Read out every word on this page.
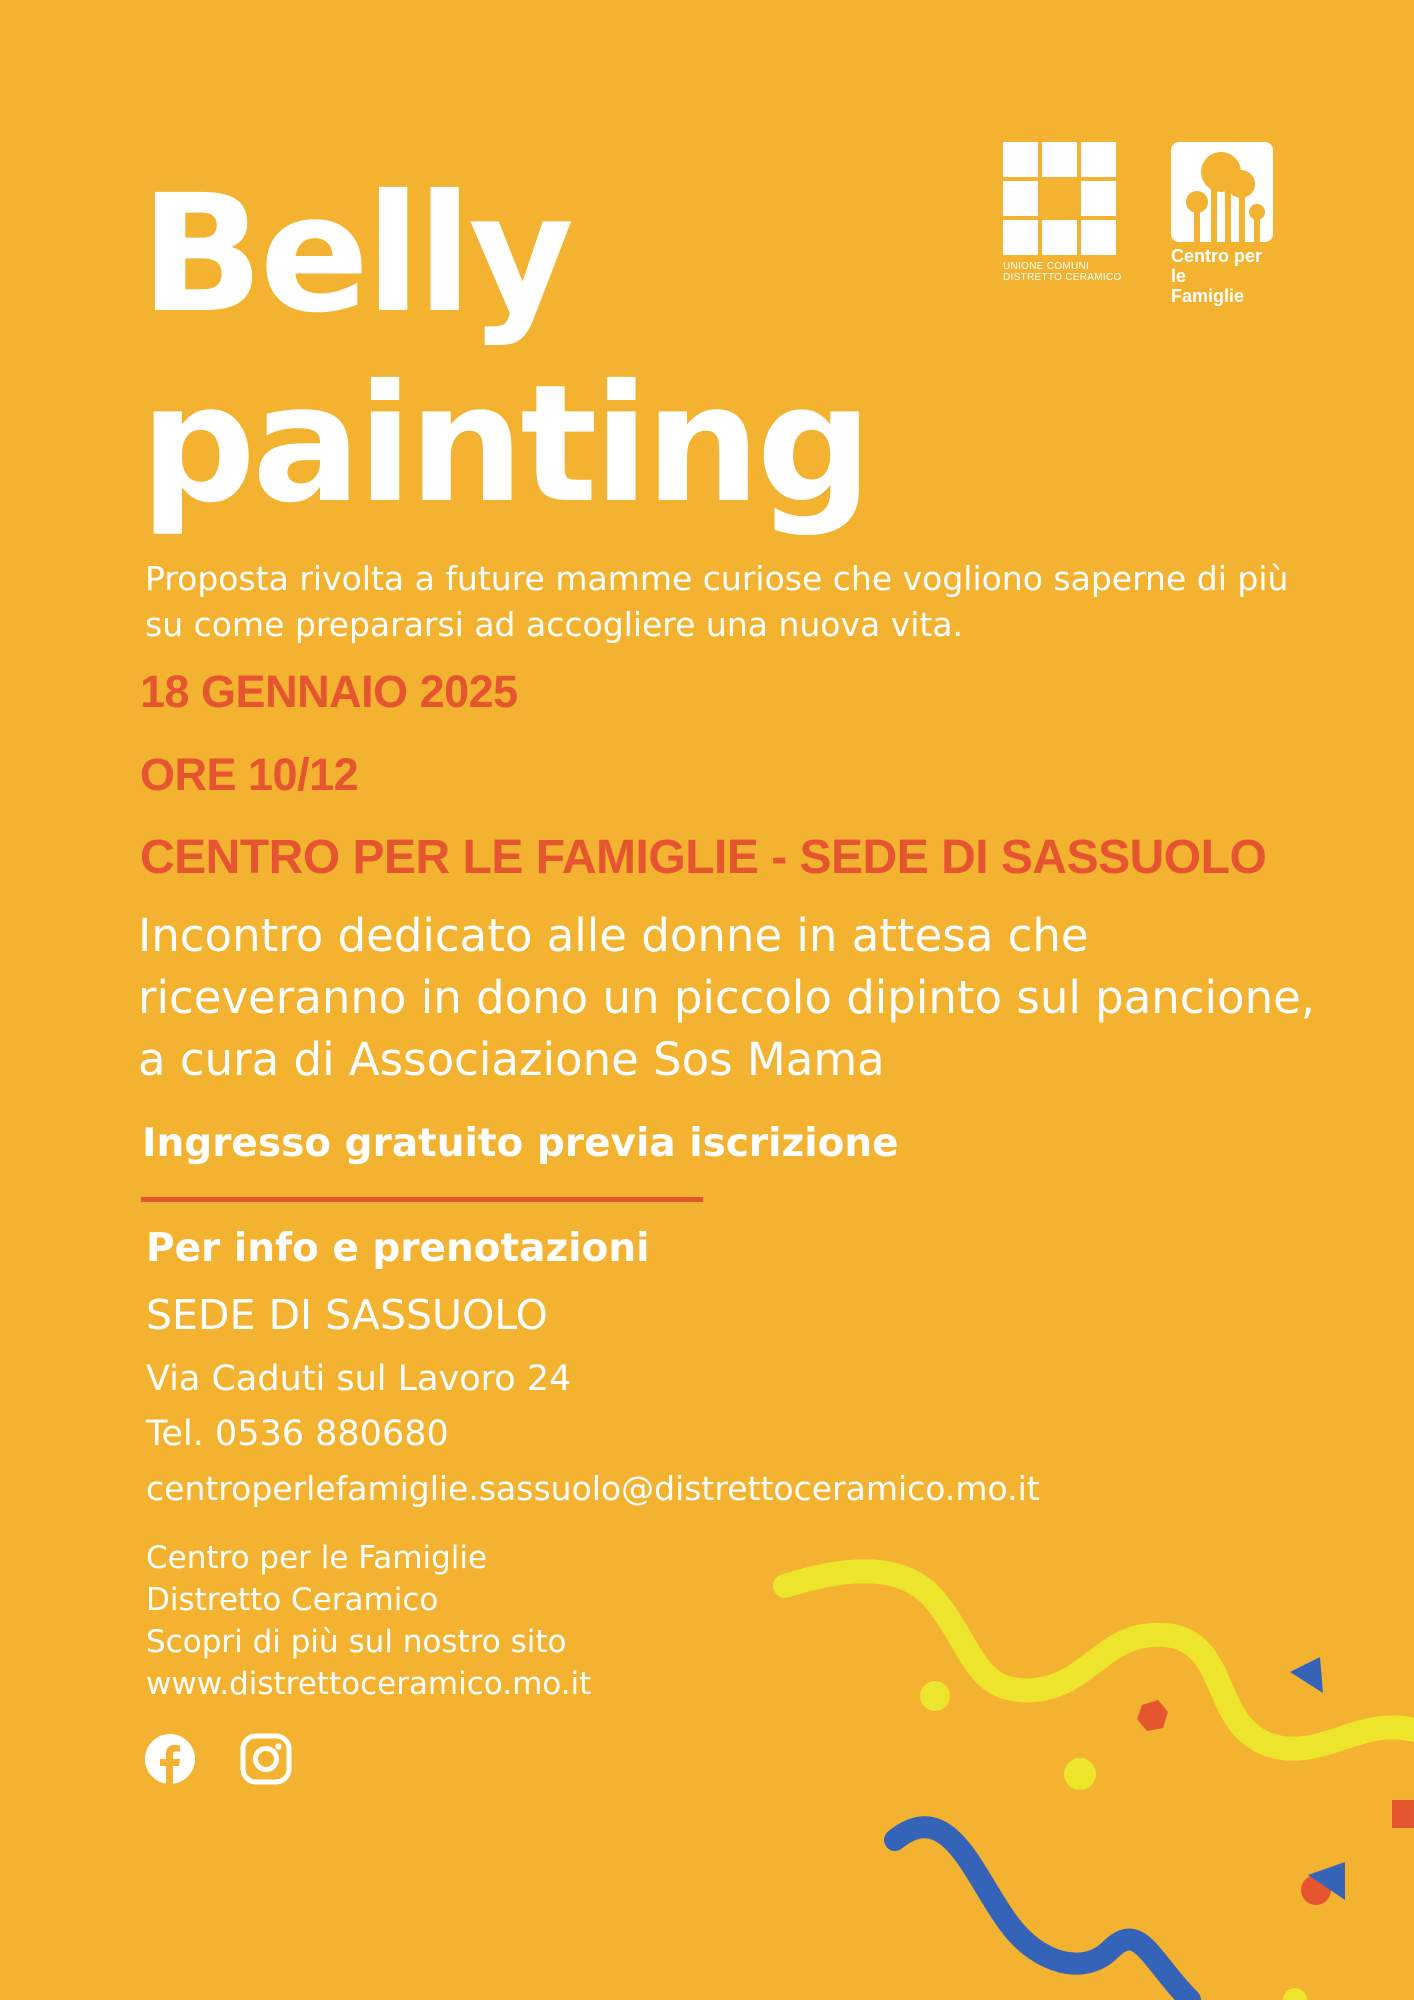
UNIONE COMUNI
DISTRETTO CERAMICO
Centro per le
Famiglie
Belly
painting

Proposta rivolta a future mamme curiose che vogliono saperne di più su come prepararsi ad accogliere una nuova vita.

18 GENNAIO 2025

ORE 10/12

CENTRO PER LE FAMIGLIE - SEDE DI SASSUOLO

Incontro dedicato alle donne in attesa che riceveranno in dono un piccolo dipinto sul pancione, a cura di Associazione Sos Mama

Ingresso gratuito previa iscrizione

Per info e prenotazioni

SEDE DI SASSUOLO

Via Caduti sul Lavoro 24

Tel. 0536 880680

centroperlefamiglie.sassuolo@distrettoceramico.mo.it

Centro per le Famiglie
Distretto Ceramico
Scopri di più sul nostro sito
www.distrettoceramico.mo.it
